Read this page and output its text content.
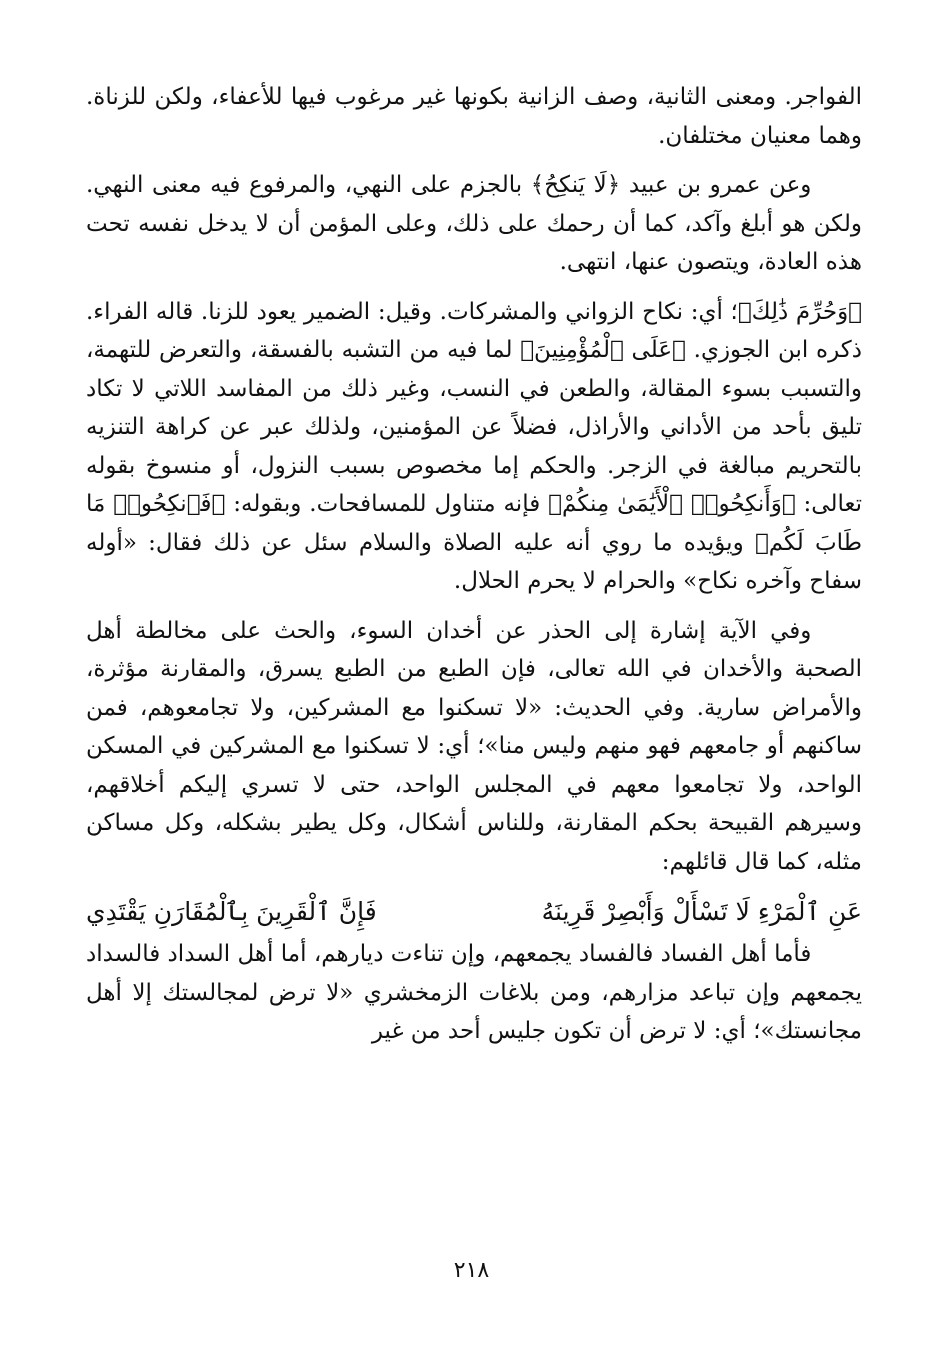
الفواجر. ومعنى الثانية، وصف الزانية بكونها غير مرغوب فيها للأعفاء، ولكن للزناة. وهما معنيان مختلفان.

وعن عمرو بن عبيد ﴿لَا يَنكِحُ﴾ بالجزم على النهي، والمرفوع فيه معنى النهي. ولكن هو أبلغ وآكد، كما أن رحمك على ذلك، وعلى المؤمن أن لا يدخل نفسه تحت هذه العادة، ويتصون عنها، انتهى.

﴿وَحُرِّمَ ذَٰلِكَ﴾؛ أي: نكاح الزواني والمشركات. وقيل: الضمير يعود للزنا. قاله الفراء. ذكره ابن الجوزي. ﴿عَلَى ٱلْمُؤْمِنِينَ﴾ لما فيه من التشبه بالفسقة، والتعرض للتهمة، والتسبب بسوء المقالة، والطعن في النسب، وغير ذلك من المفاسد اللاتي لا تكاد تليق بأحد من الأداني والأراذل، فضلاً عن المؤمنين، ولذلك عبر عن كراهة التنزيه بالتحريم مبالغة في الزجر. والحكم إما مخصوص بسبب النزول، أو منسوخ بقوله تعالى: ﴿وَأَنكِحُوا۟ ٱلْأَيَٰمَىٰ مِنكُمْ﴾ فإنه متناول للمسافحات. وبقوله: ﴿فَٱنكِحُوا۟ مَا طَابَ لَكُم﴾ ويؤيده ما روي أنه عليه الصلاة والسلام سئل عن ذلك فقال: «أوله سفاح وآخره نكاح» والحرام لا يحرم الحلال.

وفي الآية إشارة إلى الحذر عن أخدان السوء، والحث على مخالطة أهل الصحبة والأخدان في الله تعالى، فإن الطبع من الطبع يسرق، والمقارنة مؤثرة، والأمراض سارية. وفي الحديث: «لا تسكنوا مع المشركين، ولا تجامعوهم، فمن ساكنهم أو جامعهم فهو منهم وليس منا»؛ أي: لا تسكنوا مع المشركين في المسكن الواحد، ولا تجامعوا معهم في المجلس الواحد، حتى لا تسري إليكم أخلاقهم، وسيرهم القبيحة بحكم المقارنة، وللناس أشكال، وكل يطير بشكله، وكل مساكن مثله، كما قال قائلهم:

عَنِ ٱلْمَرْءِ لَا تَسْأَلْ وَأَبْصِرْ قَرِينَهُ
فَإِنَّ ٱلْقَرِينَ بِٱلْمُقَارَنِ يَقْتَدِي

فأما أهل الفساد فالفساد يجمعهم، وإن تناءت ديارهم، أما أهل السداد فالسداد يجمعهم وإن تباعد مزارهم، ومن بلاغات الزمخشري «لا ترض لمجالستك إلا أهل مجانستك»؛ أي: لا ترض أن تكون جليس أحد من غير

٢١٨
